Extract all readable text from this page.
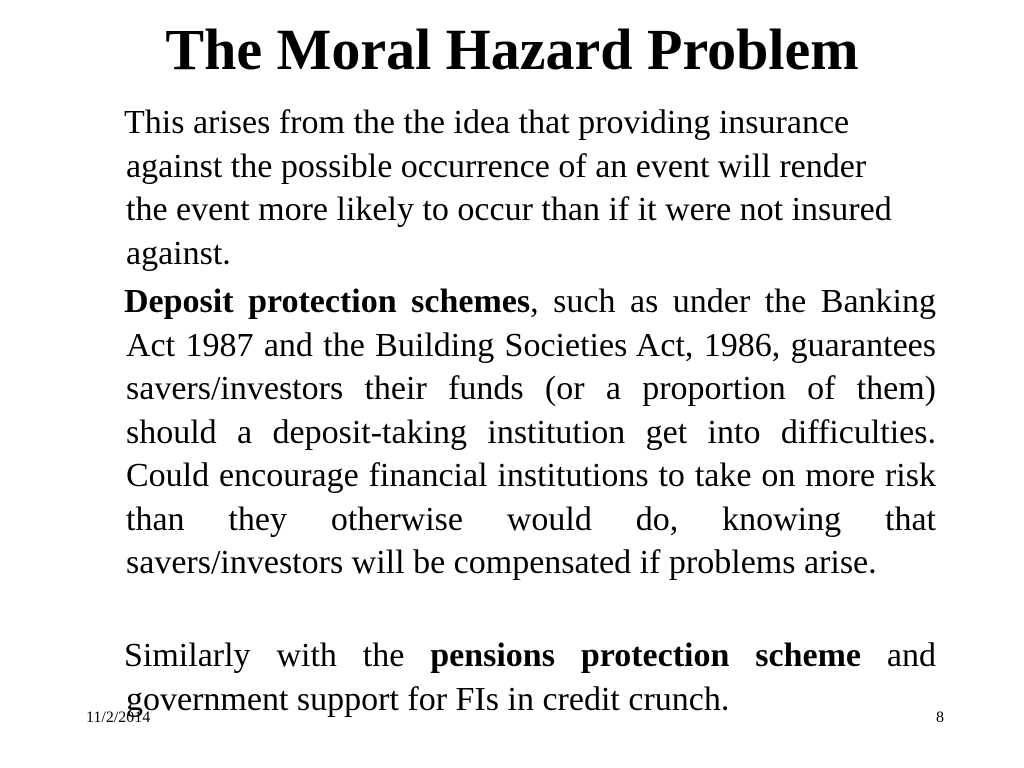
The Moral Hazard Problem

This arises from the the idea that providing insurance against the possible occurrence of an event will render the event more likely to occur than if it were not insured against.

Deposit protection schemes, such as under the Banking Act 1987 and the Building Societies Act, 1986, guarantees savers/investors their funds (or a proportion of them) should a deposit-taking institution get into difficulties. Could encourage financial institutions to take on more risk than they otherwise would do, knowing that savers/investors will be compensated if problems arise.

Similarly with the pensions protection scheme and government support for FIs in credit crunch.

11/2/2014	8
